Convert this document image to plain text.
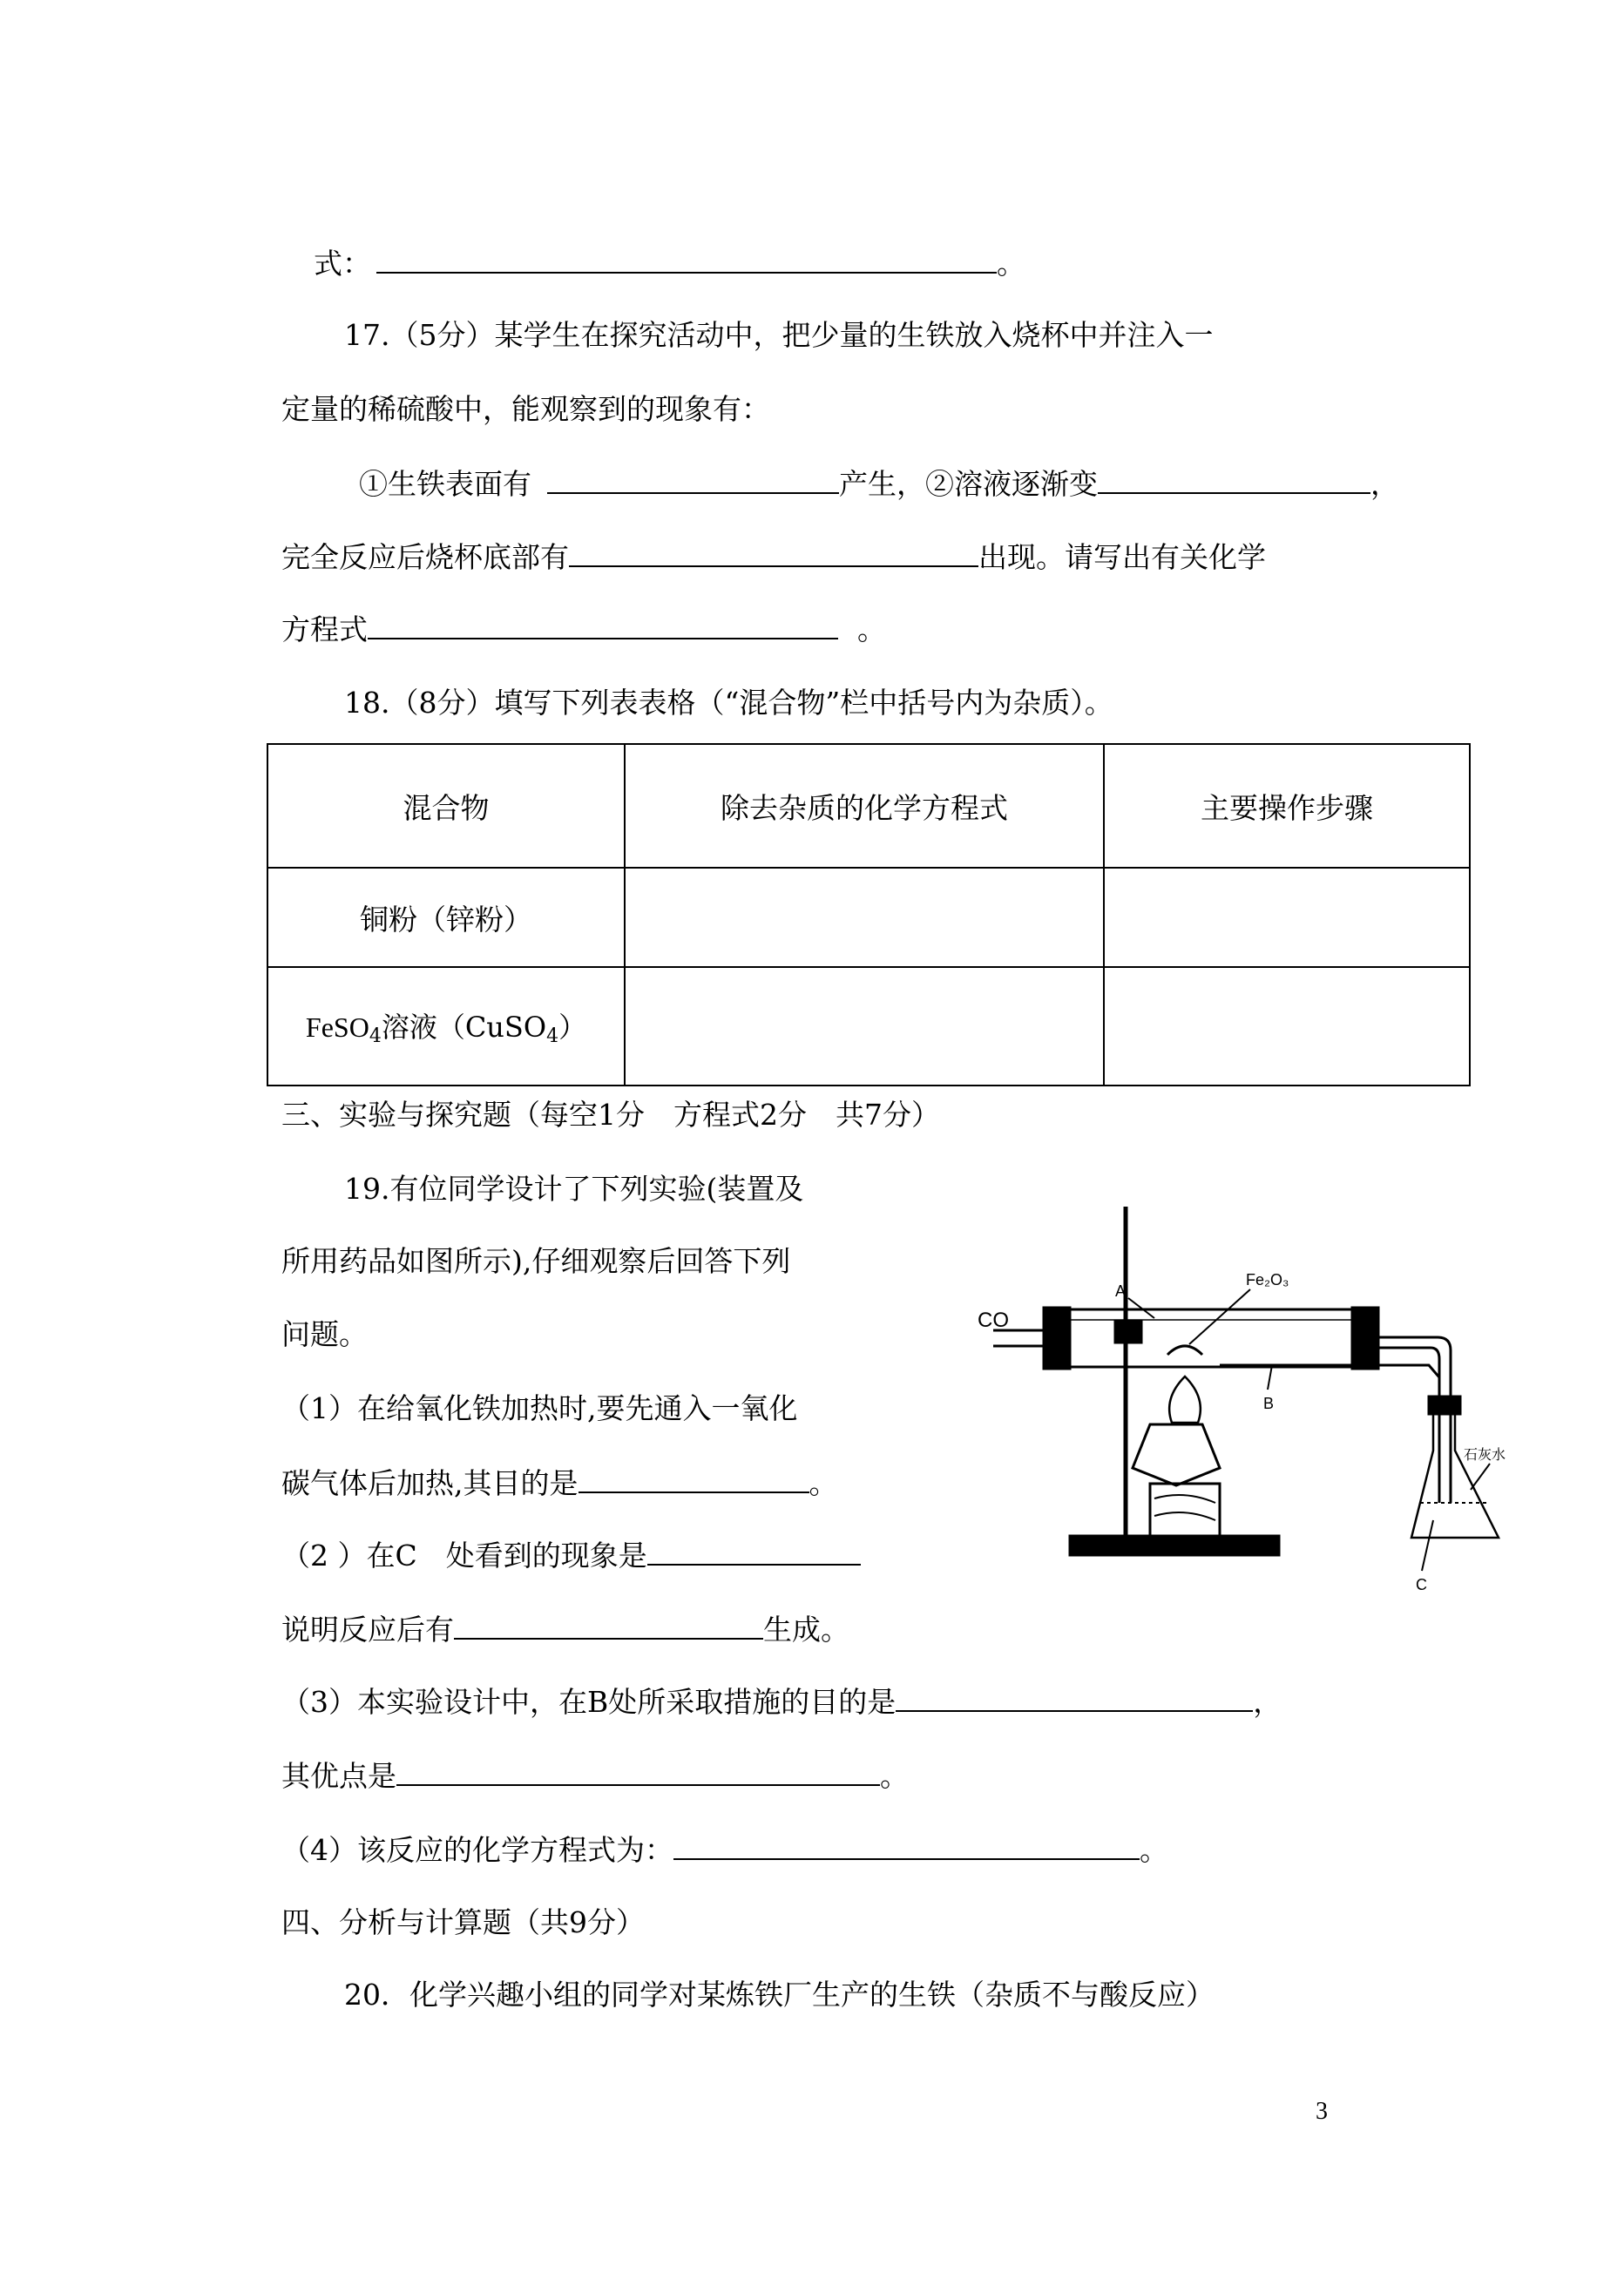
式：	。
17.（5分）某学生在探究活动中，把少量的生铁放入烧杯中并注入一
定量的稀硫酸中，能观察到的现象有：
①生铁表面有	产生，②溶液逐渐变	，
完全反应后烧杯底部有	出现。请写出有关化学
方程式	。
18.（8分）填写下列表表格（“混合物”栏中括号内为杂质）。
混合物	除去杂质的化学方程式	主要操作步骤
铜粉（锌粉）		
FeSO$_4$溶液（CuSO$_4$）		
三、实验与探究题（每空1分　方程式2分　共7分）
19.有位同学设计了下列实验(装置及
所用药品如图所示),仔细观察后回答下列
问题。
（1）在给氧化铁加热时,要先通入一氧化
碳气体后加热,其目的是	。
（2 ）在C　处看到的现象是
说明反应后有	生成。
（3）本实验设计中，在B处所采取措施的目的是	，
其优点是	。
（4）该反应的化学方程式为：	。
四、分析与计算题（共9分）
20．化学兴趣小组的同学对某炼铁厂生产的生铁（杂质不与酸反应）
3
CO
Fe₂O₃
A
B
C
石灰水
